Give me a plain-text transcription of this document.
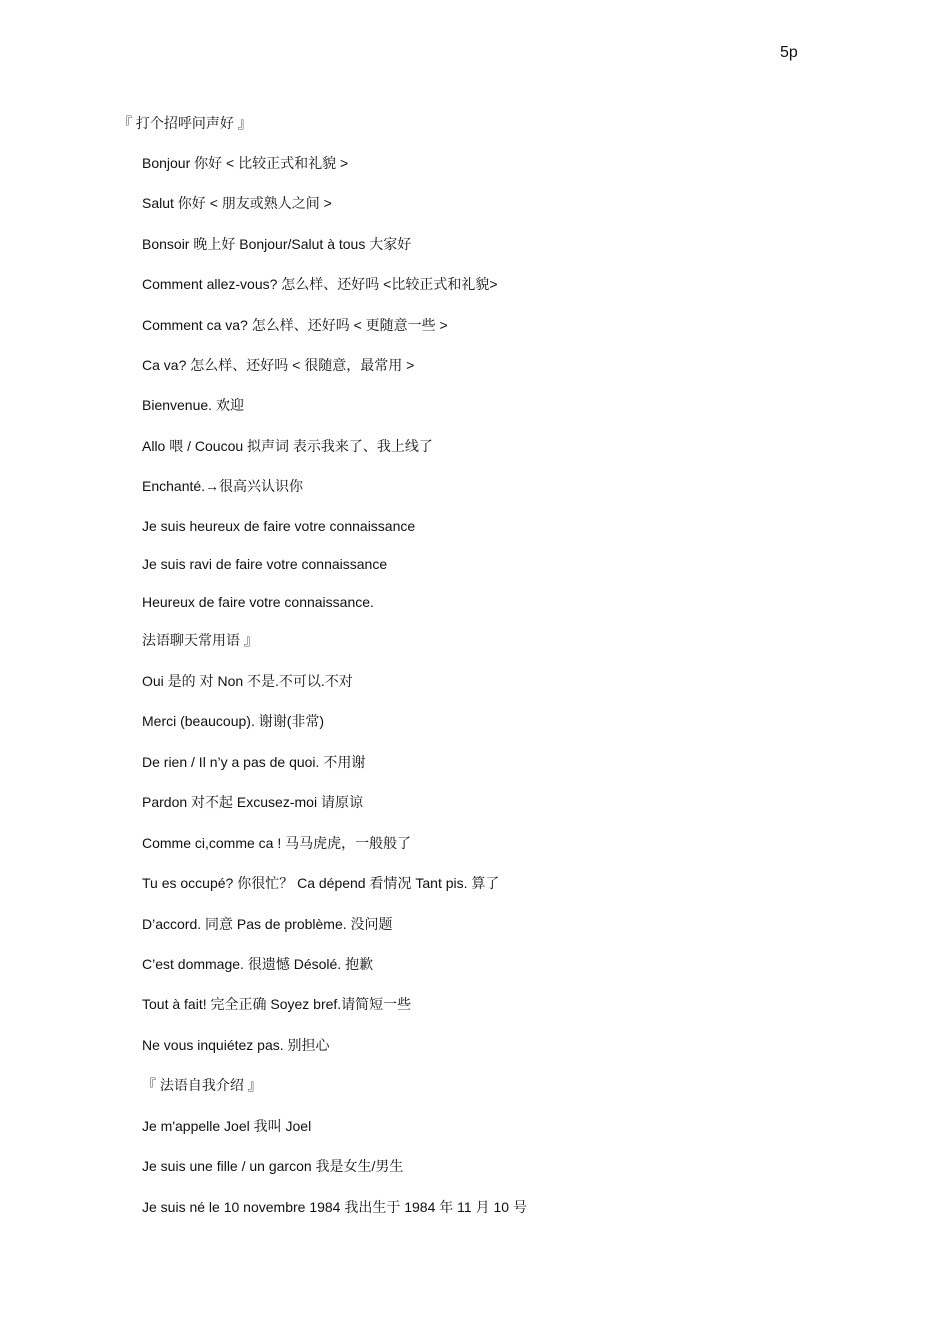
5p
『 打个招呼问声好 』
Bonjour 你好 < 比较正式和礼貌 >
Salut 你好 < 朋友或熟人之间 >
Bonsoir 晚上好 Bonjour/Salut à tous 大家好
Comment allez-vous? 怎么样、还好吗 <比较正式和礼貌>
Comment ca va? 怎么样、还好吗 < 更随意一些 >
Ca va? 怎么样、还好吗 < 很随意，最常用 >
Bienvenue. 欢迎
Allo 喂 / Coucou 拟声词 表示我来了、我上线了
Enchanté.→很高兴认识你
Je suis heureux de faire votre connaissance
Je suis ravi de faire votre connaissance
Heureux de faire votre connaissance.
法语聊天常用语 』
Oui 是的 对 Non 不是.不可以.不对
Merci (beaucoup). 谢谢(非常)
De rien / Il n’y a pas de quoi. 不用谢
Pardon 对不起 Excusez-moi 请原谅
Comme ci,comme ca ! 马马虎虎，一般般了
Tu es occupé? 你很忙？ Ca dépend 看情况 Tant pis. 算了
D’accord. 同意 Pas de problème. 没问题
C’est dommage. 很遗憾 Désolé. 抱歉
Tout à fait! 完全正确 Soyez bref.请简短一些
Ne vous inquiétez pas. 别担心
『 法语自我介绍 』
Je m'appelle Joel 我叫 Joel
Je suis une fille / un garcon 我是女生/男生
Je suis né le 10 novembre 1984 我出生于 1984 年 11 月 10 号
